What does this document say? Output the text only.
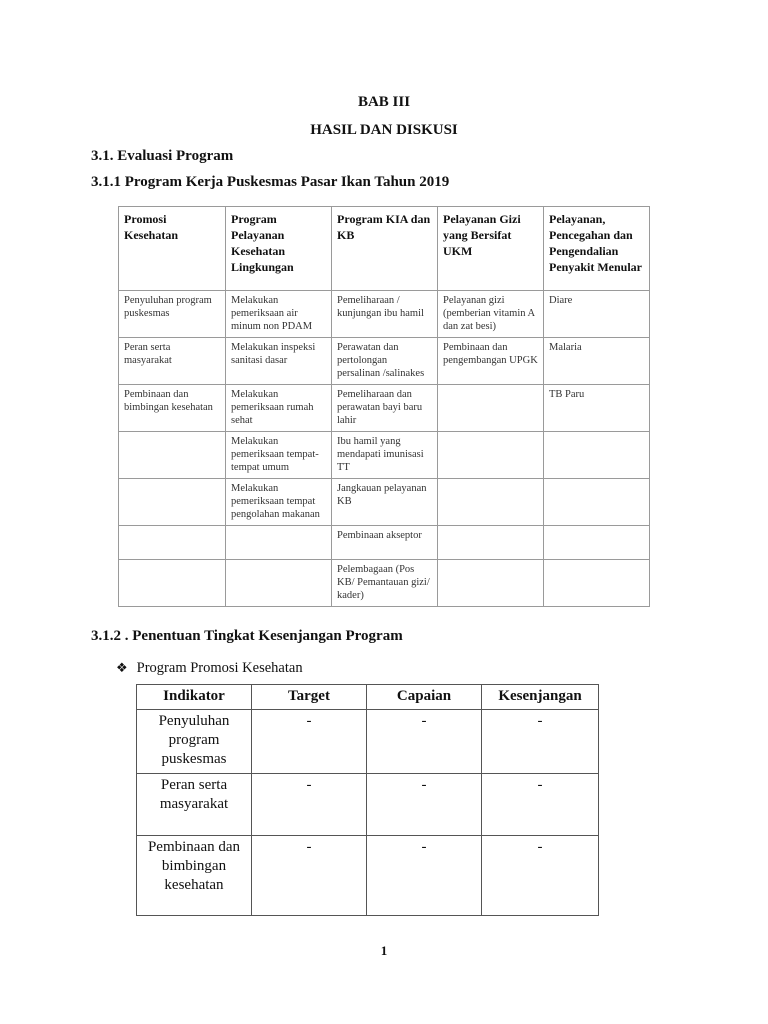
BAB III
HASIL DAN DISKUSI
3.1. Evaluasi Program
3.1.1 Program Kerja Puskesmas Pasar Ikan Tahun 2019
Promosi Kesehatan	Program Pelayanan Kesehatan Lingkungan	Program KIA dan KB	Pelayanan Gizi yang Bersifat UKM	Pelayanan, Pencegahan dan Pengendalian Penyakit Menular
Penyuluhan program puskesmas	Melakukan pemeriksaan air minum non PDAM	Pemeliharaan / kunjungan ibu hamil	Pelayanan gizi (pemberian vitamin A dan zat besi)	Diare
Peran serta masyarakat	Melakukan inspeksi sanitasi dasar	Perawatan dan pertolongan persalinan /salinakes	Pembinaan dan pengembangan UPGK	Malaria
Pembinaan dan bimbingan kesehatan	Melakukan pemeriksaan rumah sehat	Pemeliharaan dan perawatan bayi baru lahir		TB Paru
	Melakukan pemeriksaan tempat-tempat umum	Ibu hamil yang mendapati imunisasi TT		
	Melakukan pemeriksaan tempat pengolahan makanan	Jangkauan pelayanan KB		
		Pembinaan akseptor		
		Pelembagaan (Pos KB/ Pemantauan gizi/ kader)		
3.1.2 . Penentuan Tingkat Kesenjangan Program
❖ Program Promosi Kesehatan
Indikator	Target	Capaian	Kesenjangan
Penyuluhan program puskesmas	-	-	-
Peran serta masyarakat	-	-	-
Pembinaan dan bimbingan kesehatan	-	-	-
1
